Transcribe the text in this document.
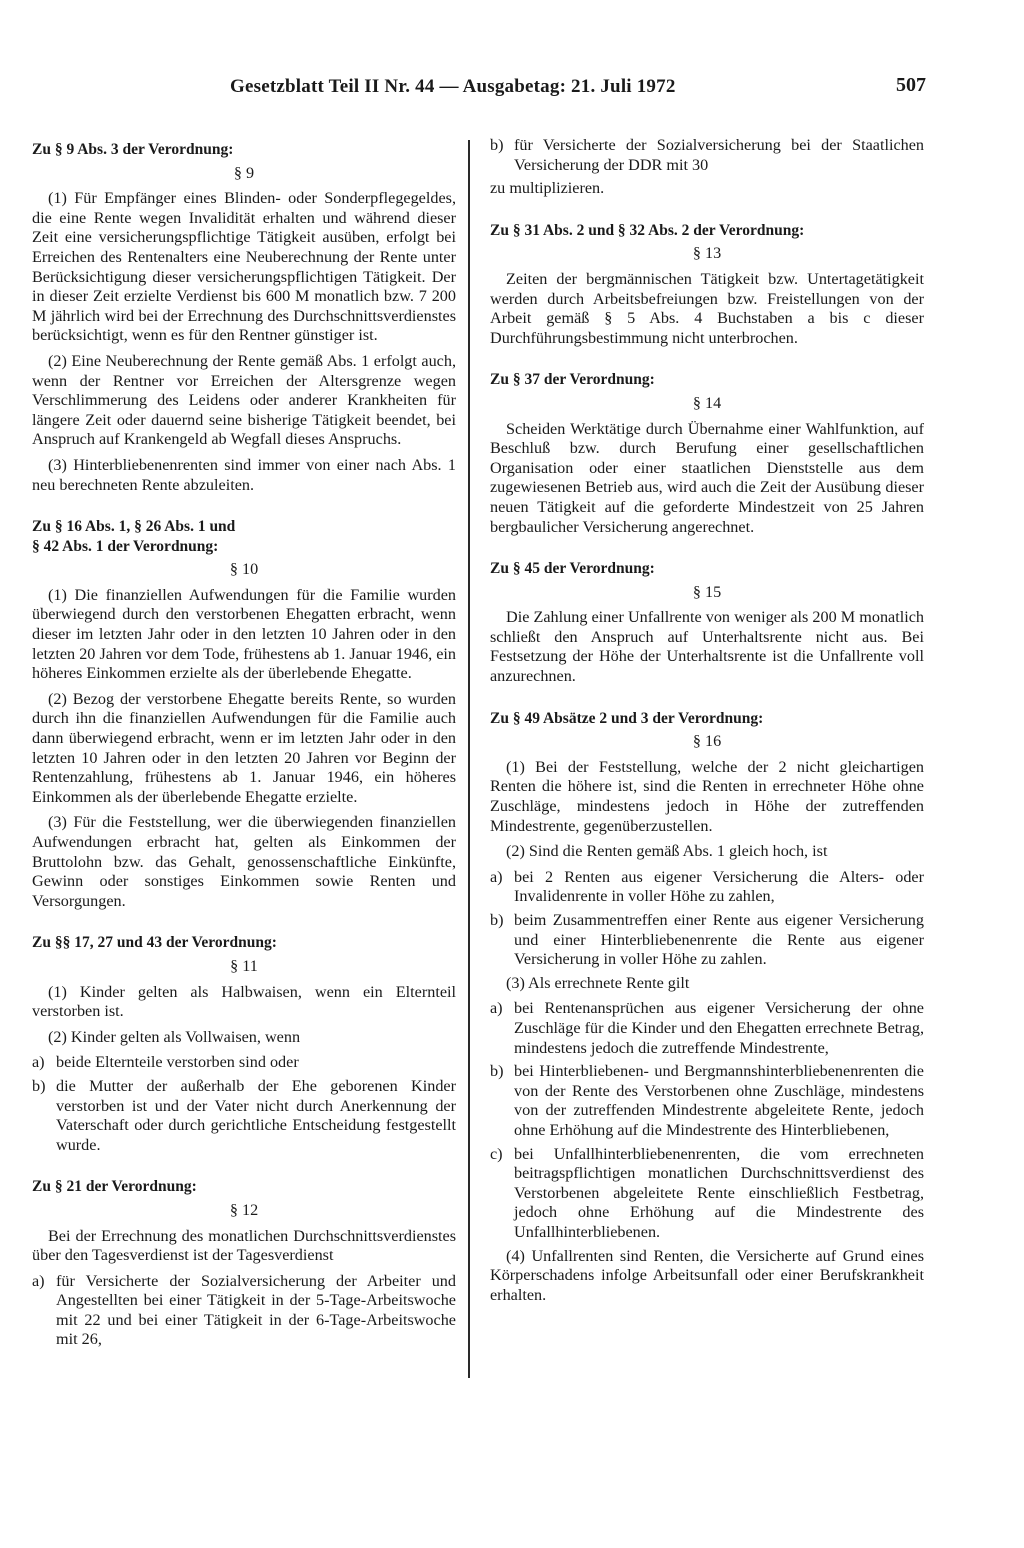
Gesetzblatt Teil II Nr. 44 — Ausgabetag: 21. Juli 1972	507
Zu § 9 Abs. 3 der Verordnung:
§ 9

(1) Für Empfänger eines Blinden- oder Sonderpflegegeldes, die eine Rente wegen Invalidität erhalten und während dieser Zeit eine versicherungspflichtige Tätigkeit ausüben, erfolgt bei Erreichen des Rentenalters eine Neuberechnung der Rente unter Berücksichtigung dieser versicherungspflichtigen Tätigkeit. Der in dieser Zeit erzielte Verdienst bis 600 M monatlich bzw. 7 200 M jährlich wird bei der Errechnung des Durchschnittsverdienstes berücksichtigt, wenn es für den Rentner günstiger ist.

(2) Eine Neuberechnung der Rente gemäß Abs. 1 erfolgt auch, wenn der Rentner vor Erreichen der Altersgrenze wegen Verschlimmerung des Leidens oder anderer Krankheiten für längere Zeit oder dauernd seine bisherige Tätigkeit beendet, bei Anspruch auf Krankengeld ab Wegfall dieses Anspruchs.

(3) Hinterbliebenenrenten sind immer von einer nach Abs. 1 neu berechneten Rente abzuleiten.

Zu § 16 Abs. 1, § 26 Abs. 1 und
§ 42 Abs. 1 der Verordnung:
§ 10

(1) Die finanziellen Aufwendungen für die Familie wurden überwiegend durch den verstorbenen Ehegatten erbracht, wenn dieser im letzten Jahr oder in den letzten 10 Jahren oder in den letzten 20 Jahren vor dem Tode, frühestens ab 1. Januar 1946, ein höheres Einkommen erzielte als der überlebende Ehegatte.

(2) Bezog der verstorbene Ehegatte bereits Rente, so wurden durch ihn die finanziellen Aufwendungen für die Familie auch dann überwiegend erbracht, wenn er im letzten Jahr oder in den letzten 10 Jahren oder in den letzten 20 Jahren vor Beginn der Rentenzahlung, frühestens ab 1. Januar 1946, ein höheres Einkommen als der überlebende Ehegatte erzielte.

(3) Für die Feststellung, wer die überwiegenden finanziellen Aufwendungen erbracht hat, gelten als Einkommen der Bruttolohn bzw. das Gehalt, genossenschaftliche Einkünfte, Gewinn oder sonstiges Einkommen sowie Renten und Versorgungen.

Zu §§ 17, 27 und 43 der Verordnung:
§ 11

(1) Kinder gelten als Halbwaisen, wenn ein Elternteil verstorben ist.

(2) Kinder gelten als Vollwaisen, wenn

a) beide Elternteile verstorben sind oder
b) die Mutter der außerhalb der Ehe geborenen Kinder verstorben ist und der Vater nicht durch Anerkennung der Vaterschaft oder durch gerichtliche Entscheidung festgestellt wurde.
Zu § 21 der Verordnung:
§ 12

Bei der Errechnung des monatlichen Durchschnittsverdienstes über den Tagesverdienst ist der Tagesverdienst

a) für Versicherte der Sozialversicherung der Arbeiter und Angestellten bei einer Tätigkeit in der 5-Tage-Arbeitswoche mit 22 und bei einer Tätigkeit in der 6-Tage-Arbeitswoche mit 26,
b) für Versicherte der Sozialversicherung bei der Staatlichen Versicherung der DDR mit 30

zu multiplizieren.

Zu § 31 Abs. 2 und § 32 Abs. 2 der Verordnung:
§ 13

Zeiten der bergmännischen Tätigkeit bzw. Untertagetätigkeit werden durch Arbeitsbefreiungen bzw. Freistellungen von der Arbeit gemäß § 5 Abs. 4 Buchstaben a bis c dieser Durchführungsbestimmung nicht unterbrochen.

Zu § 37 der Verordnung:
§ 14

Scheiden Werktätige durch Übernahme einer Wahlfunktion, auf Beschluß bzw. durch Berufung einer gesellschaftlichen Organisation oder einer staatlichen Dienststelle aus dem zugewiesenen Betrieb aus, wird auch die Zeit der Ausübung dieser neuen Tätigkeit auf die geforderte Mindestzeit von 25 Jahren bergbaulicher Versicherung angerechnet.

Zu § 45 der Verordnung:
§ 15

Die Zahlung einer Unfallrente von weniger als 200 M monatlich schließt den Anspruch auf Unterhaltsrente nicht aus. Bei Festsetzung der Höhe der Unterhaltsrente ist die Unfallrente voll anzurechnen.

Zu § 49 Absätze 2 und 3 der Verordnung:
§ 16

(1) Bei der Feststellung, welche der 2 nicht gleichartigen Renten die höhere ist, sind die Renten in errechneter Höhe ohne Zuschläge, mindestens jedoch in Höhe der zutreffenden Mindestrente, gegenüberzustellen.

(2) Sind die Renten gemäß Abs. 1 gleich hoch, ist

a) bei 2 Renten aus eigener Versicherung die Alters- oder Invalidenrente in voller Höhe zu zahlen,
b) beim Zusammentreffen einer Rente aus eigener Versicherung und einer Hinterbliebenenrente die Rente aus eigener Versicherung in voller Höhe zu zahlen.

(3) Als errechnete Rente gilt

a) bei Rentenansprüchen aus eigener Versicherung der ohne Zuschläge für die Kinder und den Ehegatten errechnete Betrag, mindestens jedoch die zutreffende Mindestrente,
b) bei Hinterbliebenen- und Bergmannshinterbliebenenrenten die von der Rente des Verstorbenen ohne Zuschläge, mindestens von der zutreffenden Mindestrente abgeleitete Rente, jedoch ohne Erhöhung auf die Mindestrente des Hinterbliebenen,
c) bei Unfallhinterbliebenenrenten, die vom errechneten beitragspflichtigen monatlichen Durchschnittsverdienst des Verstorbenen abgeleitete Rente einschließlich Festbetrag, jedoch ohne Erhöhung auf die Mindestrente des Unfallhinterbliebenen.

(4) Unfallrenten sind Renten, die Versicherte auf Grund eines Körperschadens infolge Arbeitsunfall oder einer Berufskrankheit erhalten.
